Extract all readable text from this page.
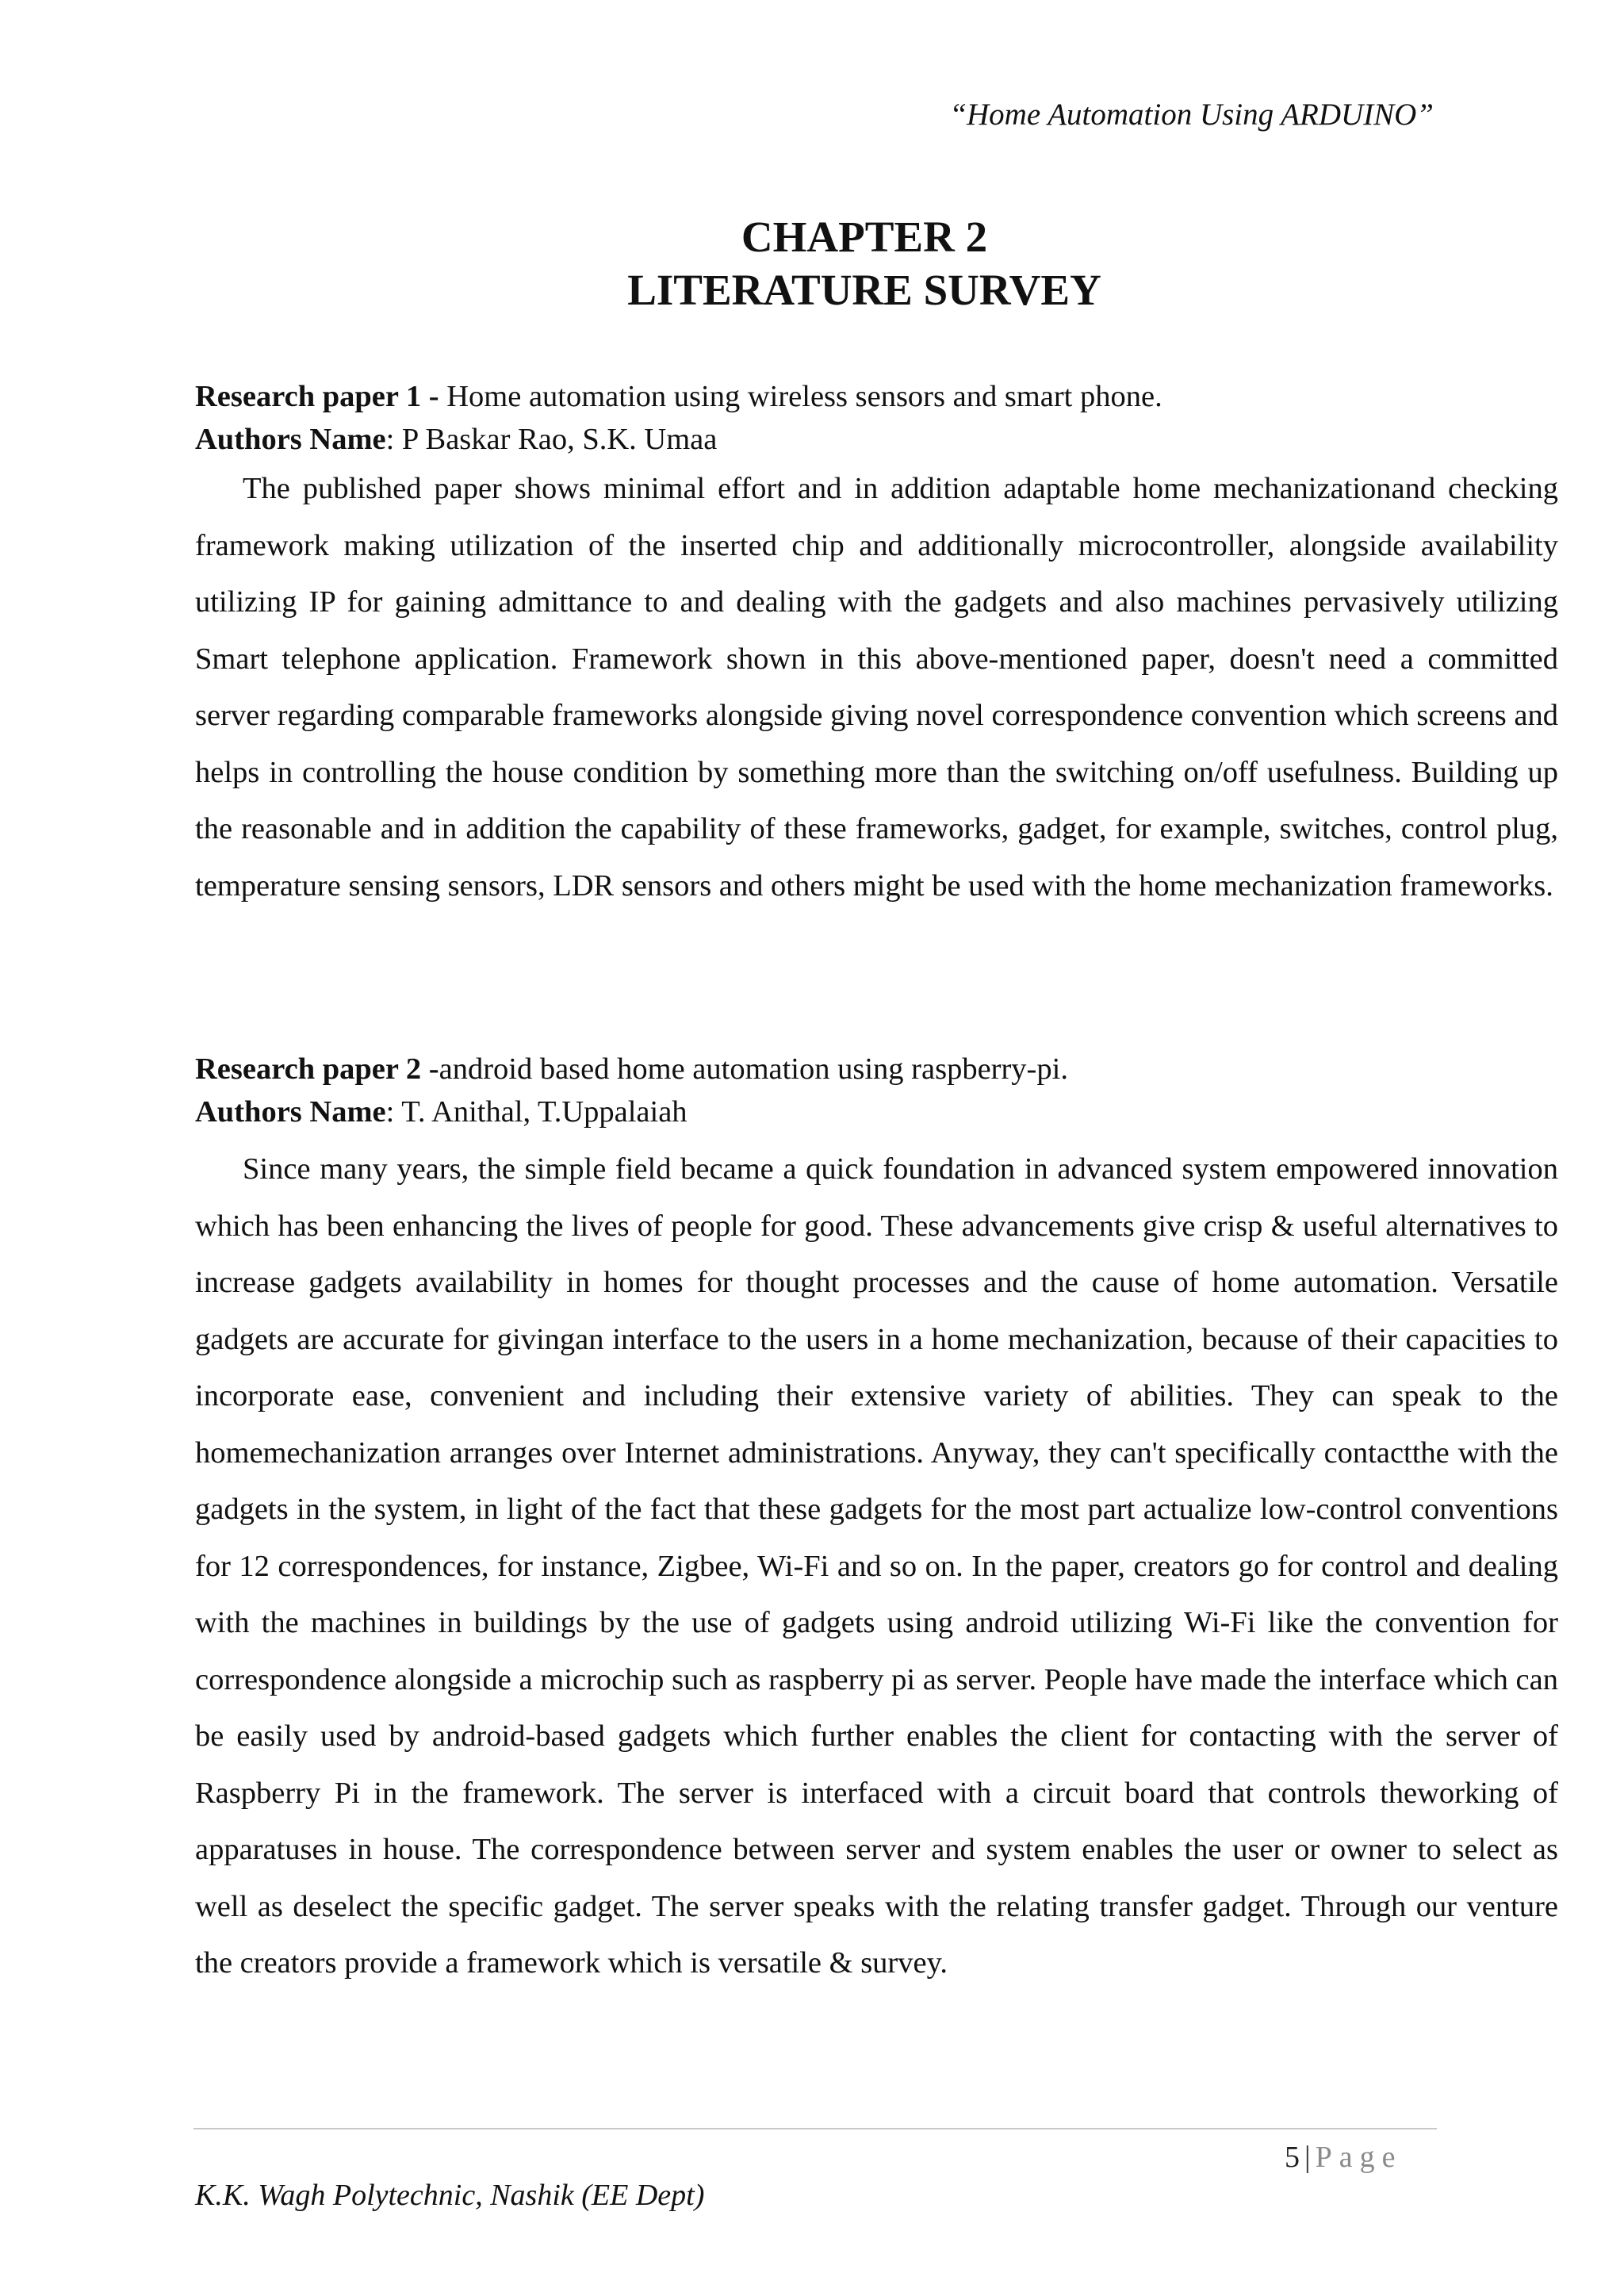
“Home Automation Using ARDUINO”
CHAPTER 2
LITERATURE SURVEY
Research paper 1 - Home automation using wireless sensors and smart phone.
Authors Name: P Baskar Rao, S.K. Umaa

The published paper shows minimal effort and in addition adaptable home mechanizationand checking framework making utilization of the inserted chip and additionally microcontroller, alongside availability utilizing IP for gaining admittance to and dealing with the gadgets and also machines pervasively utilizing Smart telephone application. Framework shown in this above-mentioned paper, doesn't need a committed server regarding comparable frameworks alongside giving novel correspondence convention which screens and helps in controlling the house condition by something more than the switching on/off usefulness. Building up the reasonable and in addition the capability of these frameworks, gadget, for example, switches, control plug, temperature sensing sensors, LDR sensors and others might be used with the home mechanization frameworks.

Research paper 2 -android based home automation using raspberry-pi.
Authors Name: T. Anithal, T.Uppalaiah

Since many years, the simple field became a quick foundation in advanced system empowered innovation which has been enhancing the lives of people for good. These advancements give crisp & useful alternatives to increase gadgets availability in homes for thought processes and the cause of home automation. Versatile gadgets are accurate for givingan interface to the users in a home mechanization, because of their capacities to incorporate ease, convenient and including their extensive variety of abilities. They can speak to the homemechanization arranges over Internet administrations. Anyway, they can't specifically contactthe with the gadgets in the system, in light of the fact that these gadgets for the most part actualize low-control conventions for 12 correspondences, for instance, Zigbee, Wi-Fi and so on. In the paper, creators go for control and dealing with the machines in buildings by the use of gadgets using android utilizing Wi-Fi like the convention for correspondence alongside a microchip such as raspberry pi as server. People have made the interface which can be easily used by android-based gadgets which further enables the client for contacting with the server of Raspberry Pi in the framework. The server is interfaced with a circuit board that controls theworking of apparatuses in house. The correspondence between server and system enables the user or owner to select as well as deselect the specific gadget. The server speaks with the relating transfer gadget. Through our venture the creators provide a framework which is versatile & survey.

5 | Page
K.K. Wagh Polytechnic, Nashik (EE Dept)
